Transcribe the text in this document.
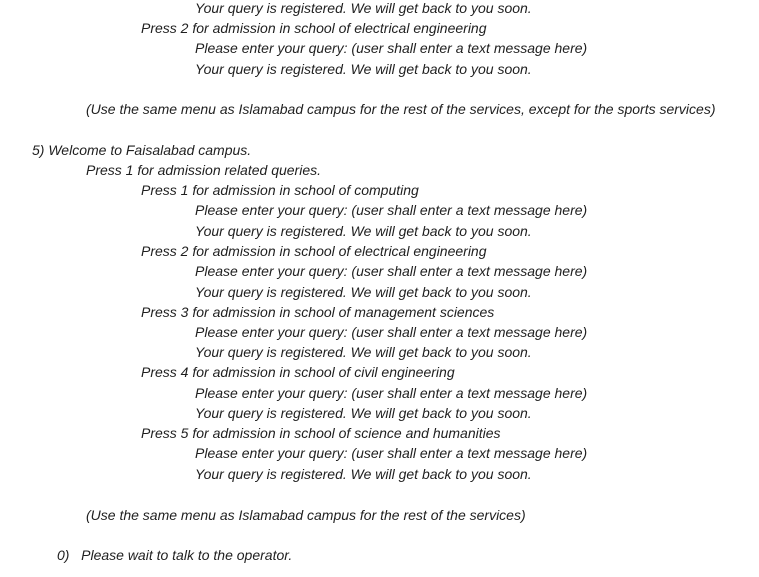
Your query is registered. We will get back to you soon.
Press 2 for admission in school of electrical engineering
Please enter your query: (user shall enter a text message here)
Your query is registered. We will get back to you soon.
(Use the same menu as Islamabad campus for the rest of the services, except for the sports services)
5) Welcome to Faisalabad campus.
Press 1 for admission related queries.
Press 1 for admission in school of computing
Please enter your query: (user shall enter a text message here)
Your query is registered. We will get back to you soon.
Press 2 for admission in school of electrical engineering
Please enter your query: (user shall enter a text message here)
Your query is registered. We will get back to you soon.
Press 3 for admission in school of management sciences
Please enter your query: (user shall enter a text message here)
Your query is registered. We will get back to you soon.
Press 4 for admission in school of civil engineering
Please enter your query: (user shall enter a text message here)
Your query is registered. We will get back to you soon.
Press 5 for admission in school of science and humanities
Please enter your query: (user shall enter a text message here)
Your query is registered. We will get back to you soon.
(Use the same menu as Islamabad campus for the rest of the services)
0)   Please wait to talk to the operator.
